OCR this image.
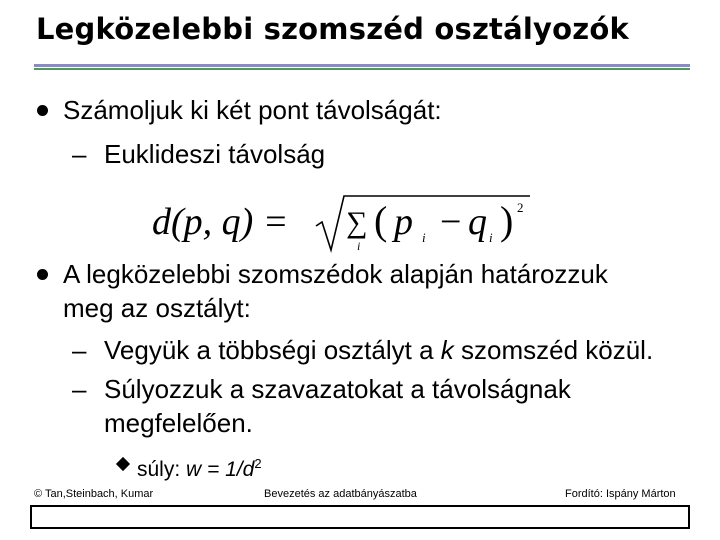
Legközelebbi szomszéd osztályozók
Számoljuk ki két pont távolságát:
– Euklideszi távolság
d(p, q) = ∑
i
( p i − q i ) 2
A legközelebbi szomszédok alapján határozzuk
meg az osztályt:
– Vegyük a többségi osztályt a k szomszéd közül.
– Súlyozzuk a szavazatokat a távolságnak
megfelelően.
súly: $w = 1/d^2$
© Tan,Steinbach, Kumar	Bevezetés az adatbányászatba	Fordító: Ispány Márton
